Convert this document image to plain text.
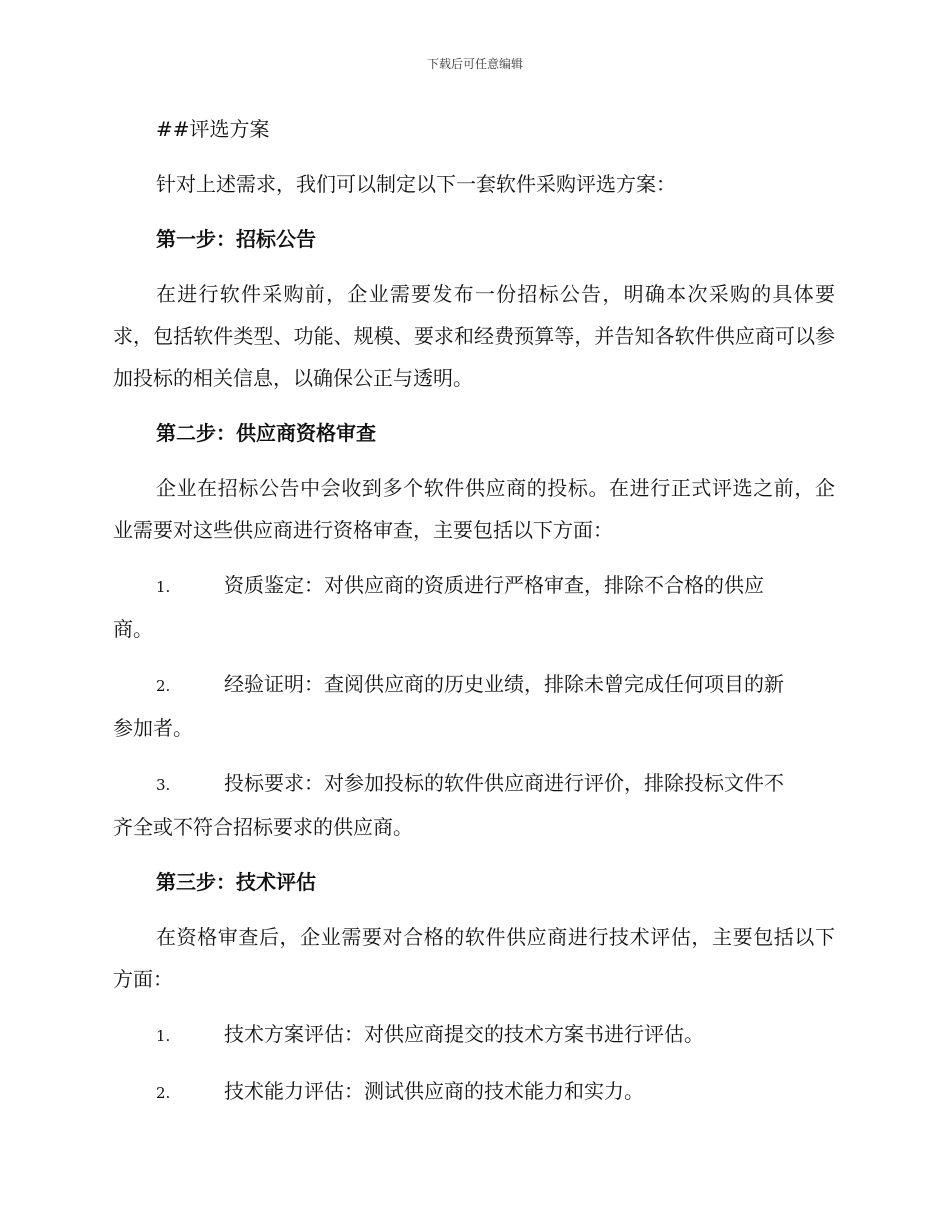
下载后可任意编辑

##评选方案

针对上述需求，我们可以制定以下一套软件采购评选方案：

第一步：招标公告

在进行软件采购前，企业需要发布一份招标公告，明确本次采购的具体要求，包括软件类型、功能、规模、要求和经费预算等，并告知各软件供应商可以参加投标的相关信息，以确保公正与透明。

第二步：供应商资格审查

企业在招标公告中会收到多个软件供应商的投标。在进行正式评选之前，企业需要对这些供应商进行资格审查，主要包括以下方面：

1.	资质鉴定：对供应商的资质进行严格审查，排除不合格的供应
商。
2.	经验证明：查阅供应商的历史业绩，排除未曾完成任何项目的新
参加者。
3.	投标要求：对参加投标的软件供应商进行评价，排除投标文件不
齐全或不符合招标要求的供应商。

第三步：技术评估

在资格审查后，企业需要对合格的软件供应商进行技术评估，主要包括以下方面：

1.	技术方案评估：对供应商提交的技术方案书进行评估。
2.	技术能力评估：测试供应商的技术能力和实力。
